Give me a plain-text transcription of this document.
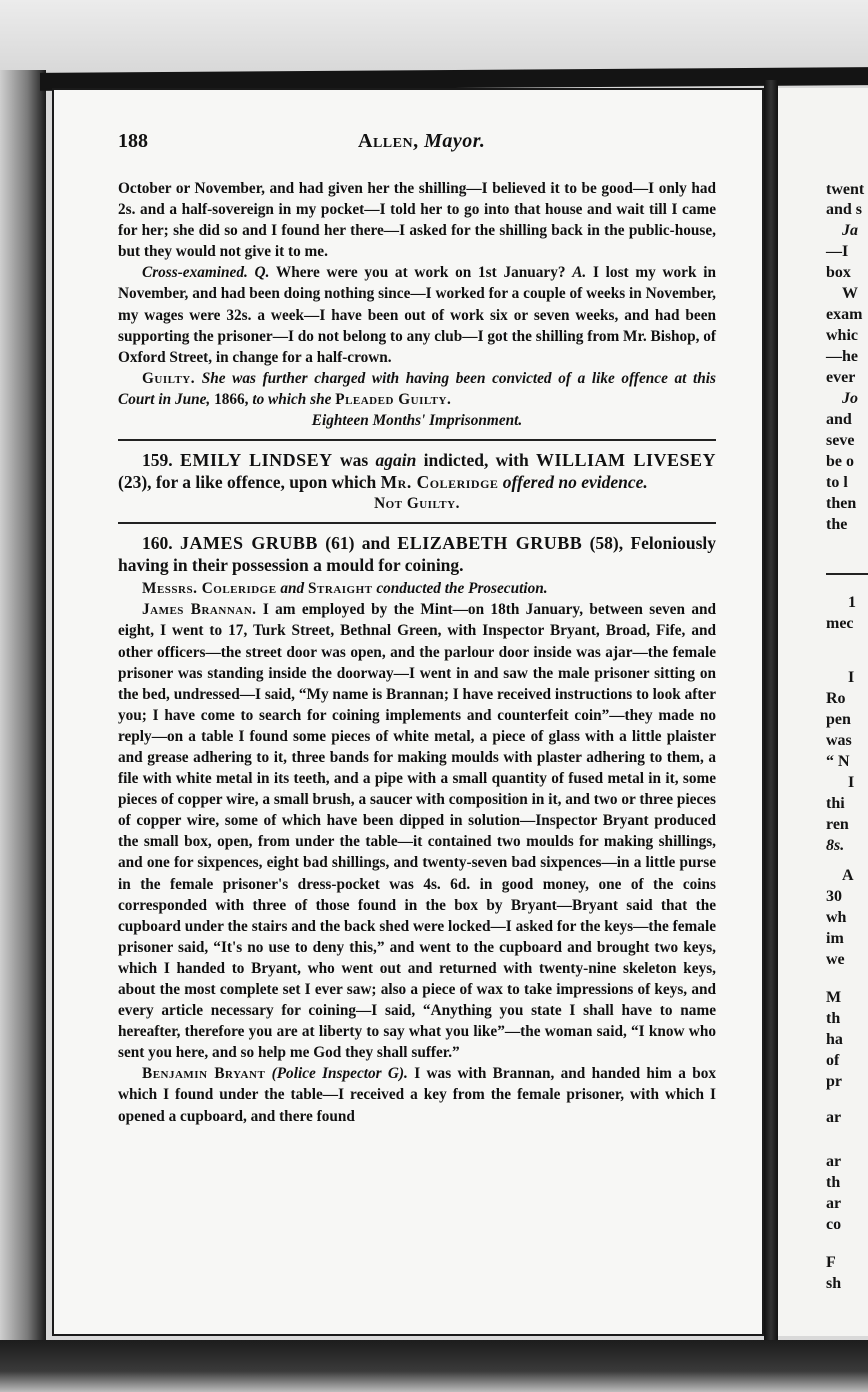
twent
and s
Ja
—I
box
W
exam
whic
—he
ever
Jo
and
seve
be o
to l
then
the
1
mec
I
Ro
pen
was
“ N
I
thi
ren
8s.
A
30
wh
im
we
M
th
ha
of
pr
ar
ar
th
ar
co
F
sh
188	Allen, Mayor.

October or November, and had given her the shilling—I believed it to be good—I only had 2s. and a half-sovereign in my pocket—I told her to go into that house and wait till I came for her; she did so and I found her there—I asked for the shilling back in the public-house, but they would not give it to me.

Cross-examined. Q. Where were you at work on 1st January? A. I lost my work in November, and had been doing nothing since—I worked for a couple of weeks in November, my wages were 32s. a week—I have been out of work six or seven weeks, and had been supporting the prisoner—I do not belong to any club—I got the shilling from Mr. Bishop, of Oxford Street, in change for a half-crown.

Guilty. She was further charged with having been convicted of a like offence at this Court in June, 1866, to which she Pleaded Guilty.

Eighteen Months' Imprisonment.

159. EMILY LINDSEY was again indicted, with WILLIAM LIVESEY (23), for a like offence, upon which Mr. Coleridge offered no evidence.

Not Guilty.

160. JAMES GRUBB (61) and ELIZABETH GRUBB (58), Feloniously having in their possession a mould for coining.

Messrs. Coleridge and Straight conducted the Prosecution.

James Brannan. I am employed by the Mint—on 18th January, between seven and eight, I went to 17, Turk Street, Bethnal Green, with Inspector Bryant, Broad, Fife, and other officers—the street door was open, and the parlour door inside was ajar—the female prisoner was standing inside the doorway—I went in and saw the male prisoner sitting on the bed, undressed—I said, “My name is Brannan; I have received instructions to look after you; I have come to search for coining implements and counterfeit coin”—they made no reply—on a table I found some pieces of white metal, a piece of glass with a little plaister and grease adhering to it, three bands for making moulds with plaster adhering to them, a file with white metal in its teeth, and a pipe with a small quantity of fused metal in it, some pieces of copper wire, a small brush, a saucer with composition in it, and two or three pieces of copper wire, some of which have been dipped in solution—Inspector Bryant produced the small box, open, from under the table—it contained two moulds for making shillings, and one for sixpences, eight bad shillings, and twenty-seven bad sixpences—in a little purse in the female prisoner's dress-pocket was 4s. 6d. in good money, one of the coins corresponded with three of those found in the box by Bryant—Bryant said that the cupboard under the stairs and the back shed were locked—I asked for the keys—the female prisoner said, “It's no use to deny this,” and went to the cupboard and brought two keys, which I handed to Bryant, who went out and returned with twenty-nine skeleton keys, about the most complete set I ever saw; also a piece of wax to take impressions of keys, and every article necessary for coining—I said, “Anything you state I shall have to name hereafter, therefore you are at liberty to say what you like”—the woman said, “I know who sent you here, and so help me God they shall suffer.”

Benjamin Bryant (Police Inspector G). I was with Brannan, and handed him a box which I found under the table—I received a key from the female prisoner, with which I opened a cupboard, and there found
